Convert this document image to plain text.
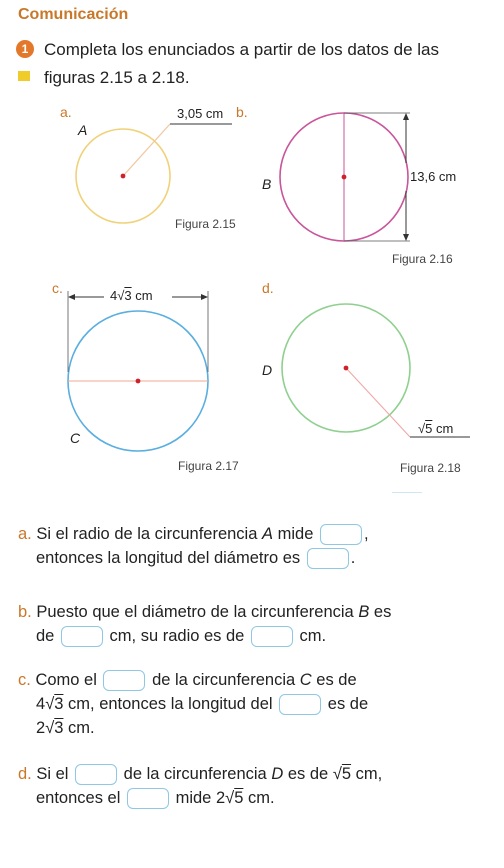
Comunicación
1 Completa los enunciados a partir de los datos de las figuras 2.15 a 2.18.
a.
A
3,05 cm
Figura 2.15
b.
B	13,6 cm
Figura 2.16
c.	4√3 cm
C
Figura 2.17
d.
D
√5 cm
Figura 2.18
a. Si el radio de la circunferencia A mide	,
entonces la longitud del diámetro es	.
b. Puesto que el diámetro de la circunferencia B es
de	cm, su radio es de	cm.
c. Como el	de la circunferencia C es de
4√3 cm, entonces la longitud del	es de
2√3 cm.
d. Si el	de la circunferencia D es de √5 cm,
entonces el	mide 2√5 cm.
